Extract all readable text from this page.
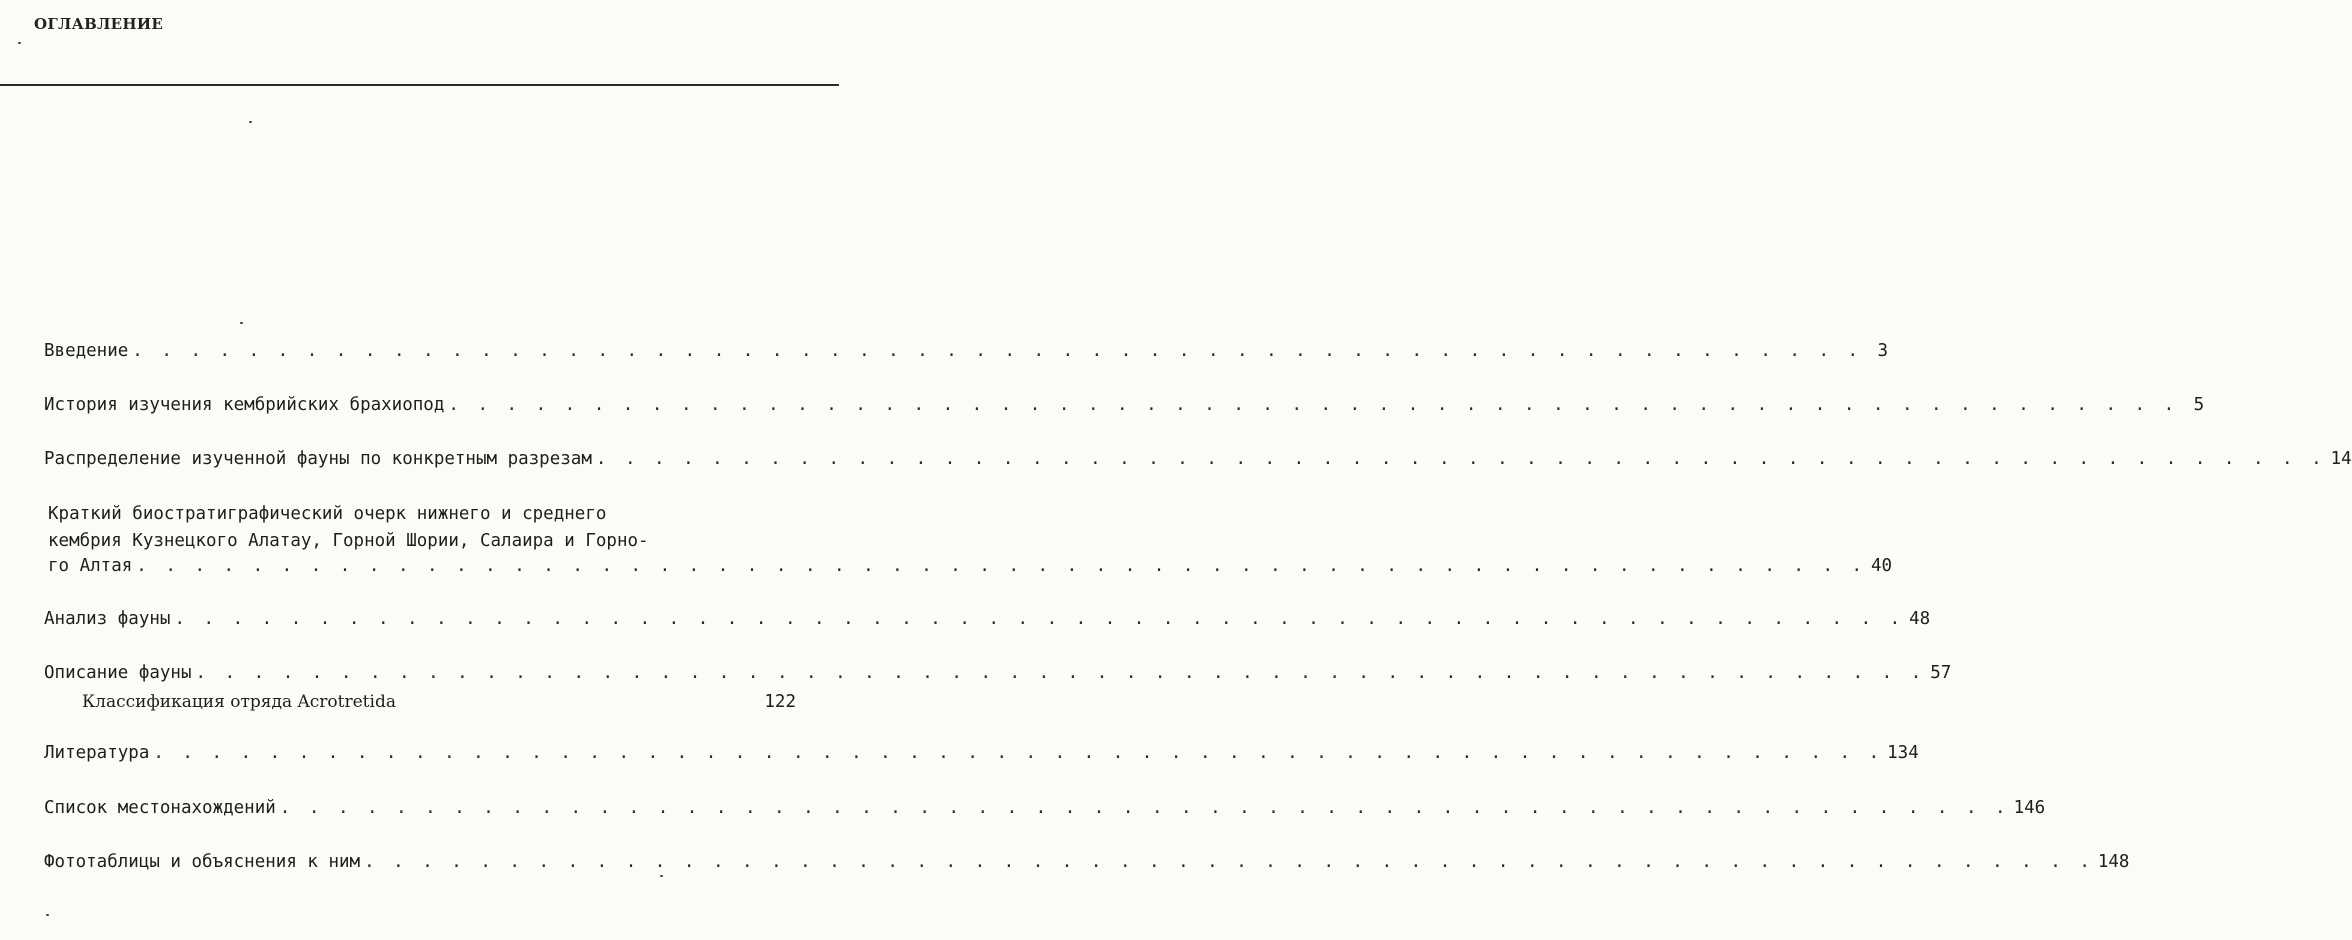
ОГЛАВЛЕНИЕ
Введение . . . . . . . . . . . . . . . . . . . . . . . . . . . . . . . . . . . . . . . . . . . . . . . . . . . . . . . . . . . . 3
История изучения кембрийских брахиопод . . . . . . . . . . . . . . . . . . . . . . . . . . . . . . . . . . . . . . . . . . . . . . . . . . . . . . . . . . . . 5
Распределение изученной фауны по конкретным разрезам . . . . . . . . . . . . . . . . . . . . . . . . . . . . . . . . . . . . . . . . . . . . . . . . . . . . . . . . . . . . 14
Краткий биостратиграфический очерк нижнего и среднего
кембрия Кузнецкого Алатау, Горной Шории, Салаира и Горно-
го Алтая . . . . . . . . . . . . . . . . . . . . . . . . . . . . . . . . . . . . . . . . . . . . . . . . . . . . . . . . . . . . 40
Анализ фауны . . . . . . . . . . . . . . . . . . . . . . . . . . . . . . . . . . . . . . . . . . . . . . . . . . . . . . . . . . . . 48
Описание фауны . . . . . . . . . . . . . . . . . . . . . . . . . . . . . . . . . . . . . . . . . . . . . . . . . . . . . . . . . . . . 57
Классификация отряда Acrotretida	122
Литература . . . . . . . . . . . . . . . . . . . . . . . . . . . . . . . . . . . . . . . . . . . . . . . . . . . . . . . . . . . . 134
Список местонахождений . . . . . . . . . . . . . . . . . . . . . . . . . . . . . . . . . . . . . . . . . . . . . . . . . . . . . . . . . . . . 146
Фототаблицы и объяснения к ним . . . . . . . . . . . . . . . . . . . . . . . . . . . . . . . . . . . . . . . . . . . . . . . . . . . . . . . . . . . . 148
